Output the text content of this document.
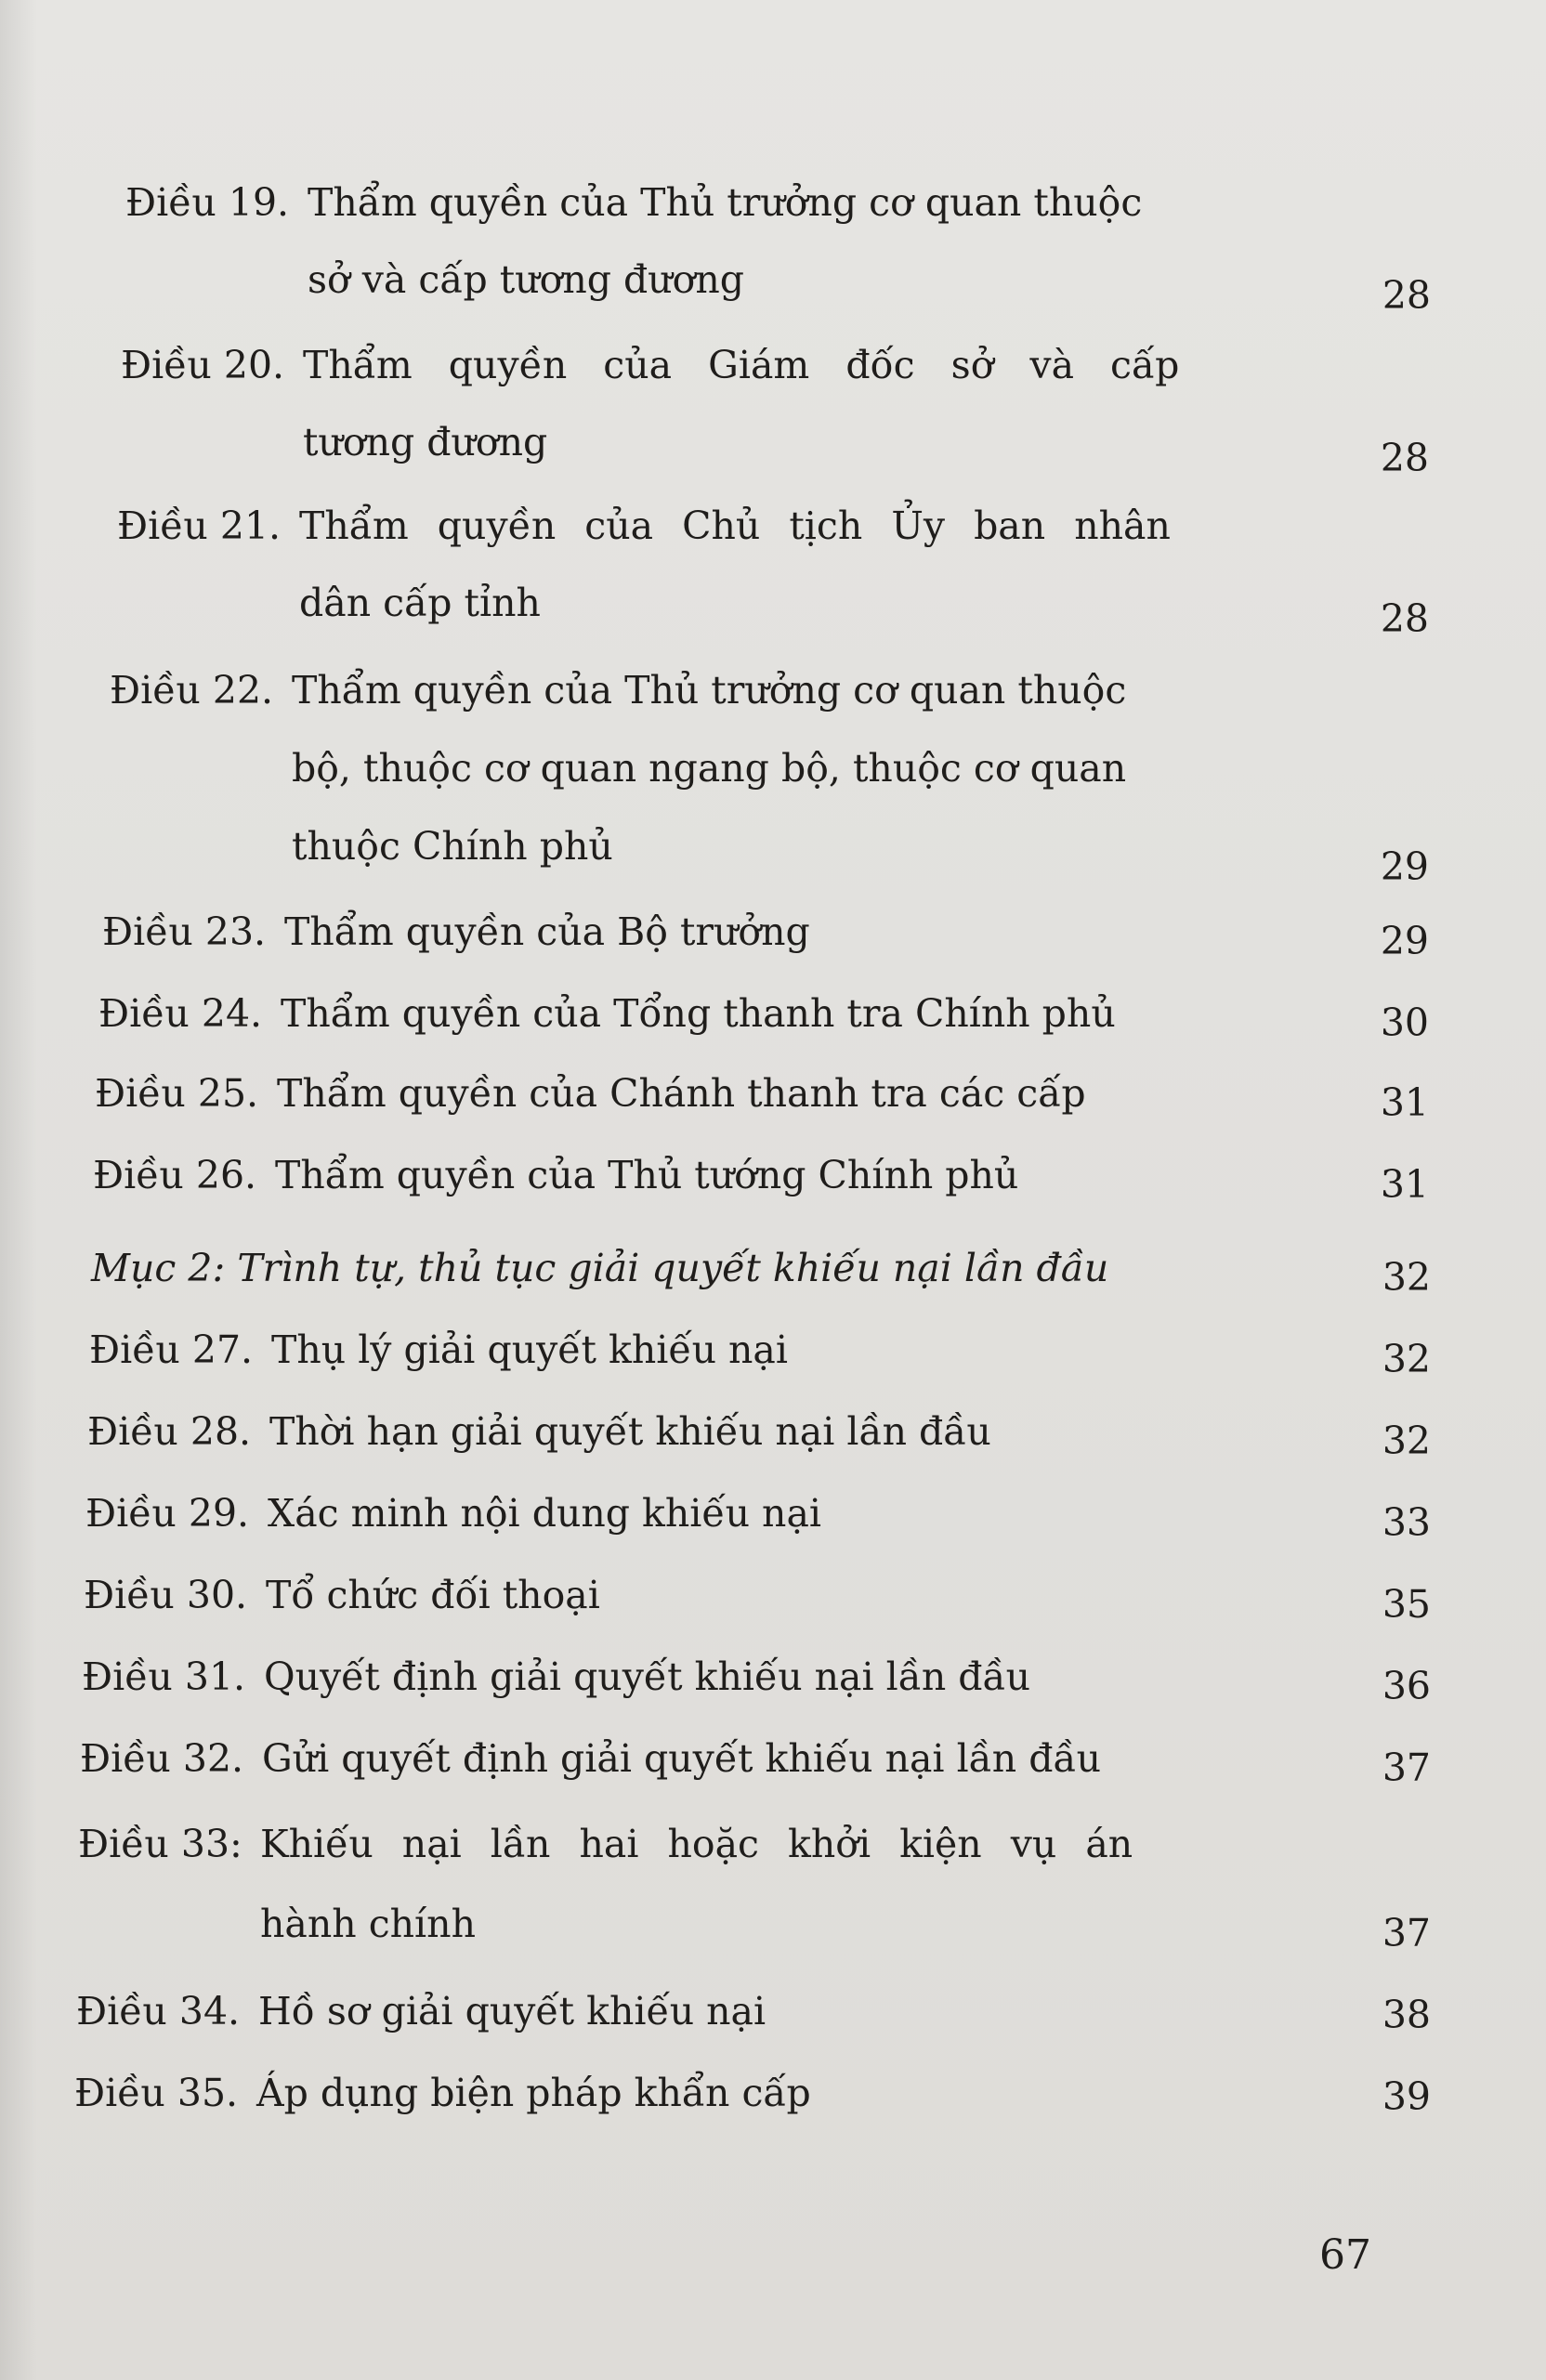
Điều 19. Thẩm quyền của Thủ trưởng cơ quan thuộc
sở và cấp tương đương	28
Điều 20. Thẩm quyền của Giám đốc sở và cấp
tương đương	28
Điều 21. Thẩm quyền của Chủ tịch Ủy ban nhân
dân cấp tỉnh	28
Điều 22. Thẩm quyền của Thủ trưởng cơ quan thuộc
bộ, thuộc cơ quan ngang bộ, thuộc cơ quan
thuộc Chính phủ	29
Điều 23. Thẩm quyền của Bộ trưởng	29
Điều 24. Thẩm quyền của Tổng thanh tra Chính phủ	30
Điều 25. Thẩm quyền của Chánh thanh tra các cấp	31
Điều 26. Thẩm quyền của Thủ tướng Chính phủ	31
Mục 2: Trình tự, thủ tục giải quyết khiếu nại lần đầu	32
Điều 27. Thụ lý giải quyết khiếu nại	32
Điều 28. Thời hạn giải quyết khiếu nại lần đầu	32
Điều 29. Xác minh nội dung khiếu nại	33
Điều 30. Tổ chức đối thoại	35
Điều 31. Quyết định giải quyết khiếu nại lần đầu	36
Điều 32. Gửi quyết định giải quyết khiếu nại lần đầu	37
Điều 33: Khiếu nại lần hai hoặc khởi kiện vụ án
hành chính	37
Điều 34. Hồ sơ giải quyết khiếu nại	38
Điều 35. Áp dụng biện pháp khẩn cấp	39
67
